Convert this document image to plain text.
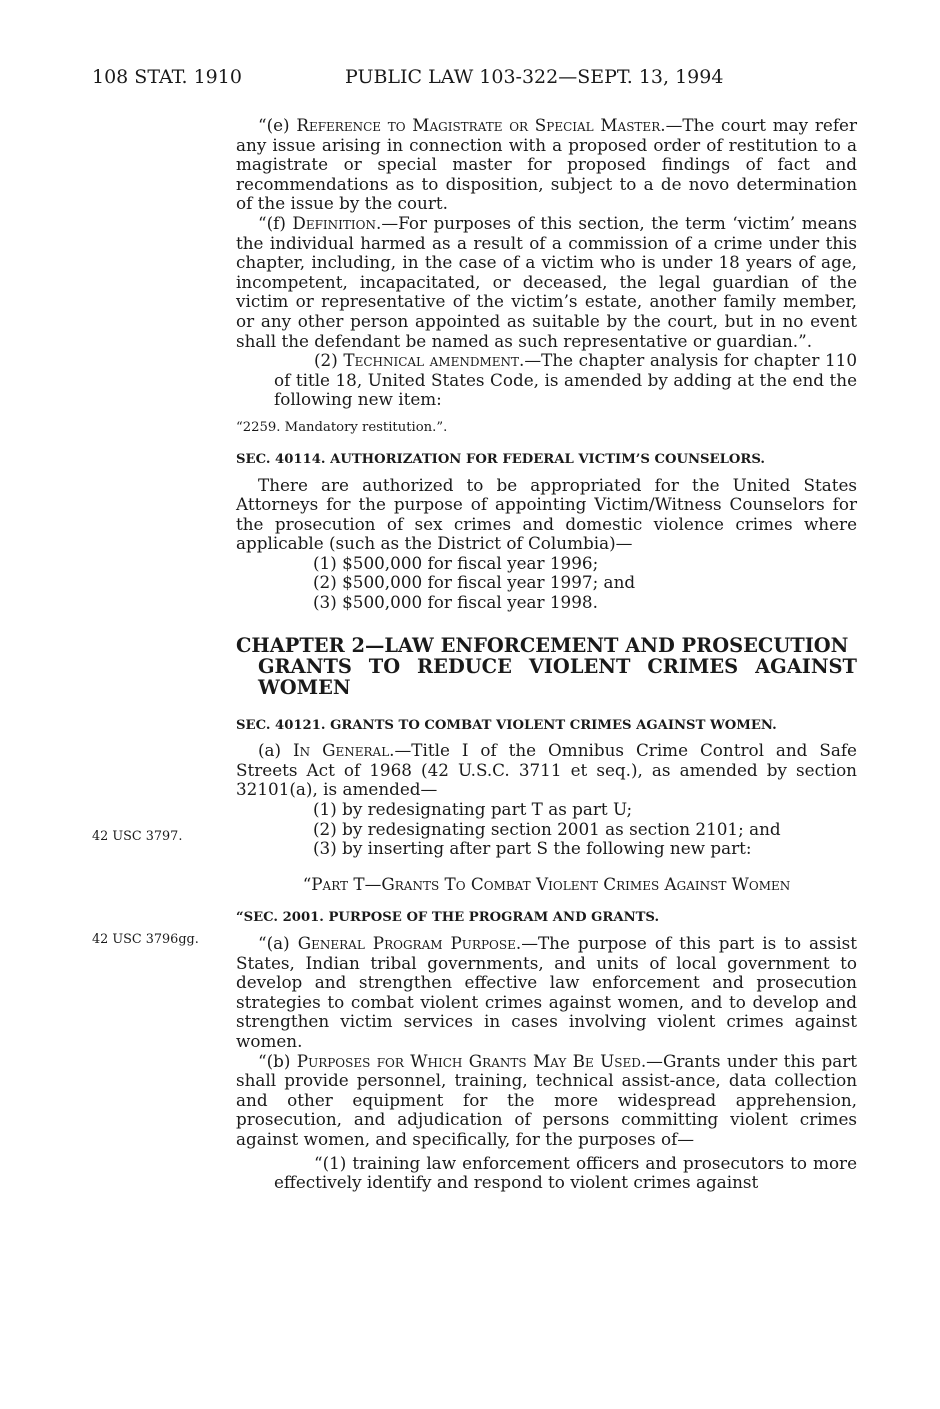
108 STAT. 1910	PUBLIC LAW 103-322—SEPT. 13, 1994
42 USC 3797.
42 USC 3796gg.

“(e) Reference to Magistrate or Special Master.—The court may refer any issue arising in connection with a proposed order of restitution to a magistrate or special master for proposed findings of fact and recommendations as to disposition, subject to a de novo determination of the issue by the court.

“(f) Definition.—For purposes of this section, the term ‘victim’ means the individual harmed as a result of a commission of a crime under this chapter, including, in the case of a victim who is under 18 years of age, incompetent, incapacitated, or deceased, the legal guardian of the victim or representative of the victim’s estate, another family member, or any other person appointed as suitable by the court, but in no event shall the defendant be named as such representative or guardian.”.

(2) Technical amendment.—The chapter analysis for chapter 110 of title 18, United States Code, is amended by adding at the end the following new item:

“2259. Mandatory restitution.”.

SEC. 40114. AUTHORIZATION FOR FEDERAL VICTIM’S COUNSELORS.

There are authorized to be appropriated for the United States Attorneys for the purpose of appointing Victim/Witness Counselors for the prosecution of sex crimes and domestic violence crimes where applicable (such as the District of Columbia)—

(1) $500,000 for fiscal year 1996;

(2) $500,000 for fiscal year 1997; and

(3) $500,000 for fiscal year 1998.

CHAPTER 2—LAW ENFORCEMENT AND PROSECUTION
GRANTS TO REDUCE VIOLENT CRIMES AGAINST
WOMEN

SEC. 40121. GRANTS TO COMBAT VIOLENT CRIMES AGAINST WOMEN.

(a) In General.—Title I of the Omnibus Crime Control and Safe Streets Act of 1968 (42 U.S.C. 3711 et seq.), as amended by section 32101(a), is amended—

(1) by redesignating part T as part U;

(2) by redesignating section 2001 as section 2101; and

(3) by inserting after part S the following new part:

“Part T—Grants To Combat Violent Crimes Against Women

“SEC. 2001. PURPOSE OF THE PROGRAM AND GRANTS.

“(a) General Program Purpose.—The purpose of this part is to assist States, Indian tribal governments, and units of local government to develop and strengthen effective law enforcement and prosecution strategies to combat violent crimes against women, and to develop and strengthen victim services in cases involving violent crimes against women.

“(b) Purposes for Which Grants May Be Used.—Grants under this part shall provide personnel, training, technical assist-ance, data collection and other equipment for the more widespread apprehension, prosecution, and adjudication of persons committing violent crimes against women, and specifically, for the purposes of—

“(1) training law enforcement officers and prosecutors to more effectively identify and respond to violent crimes against
